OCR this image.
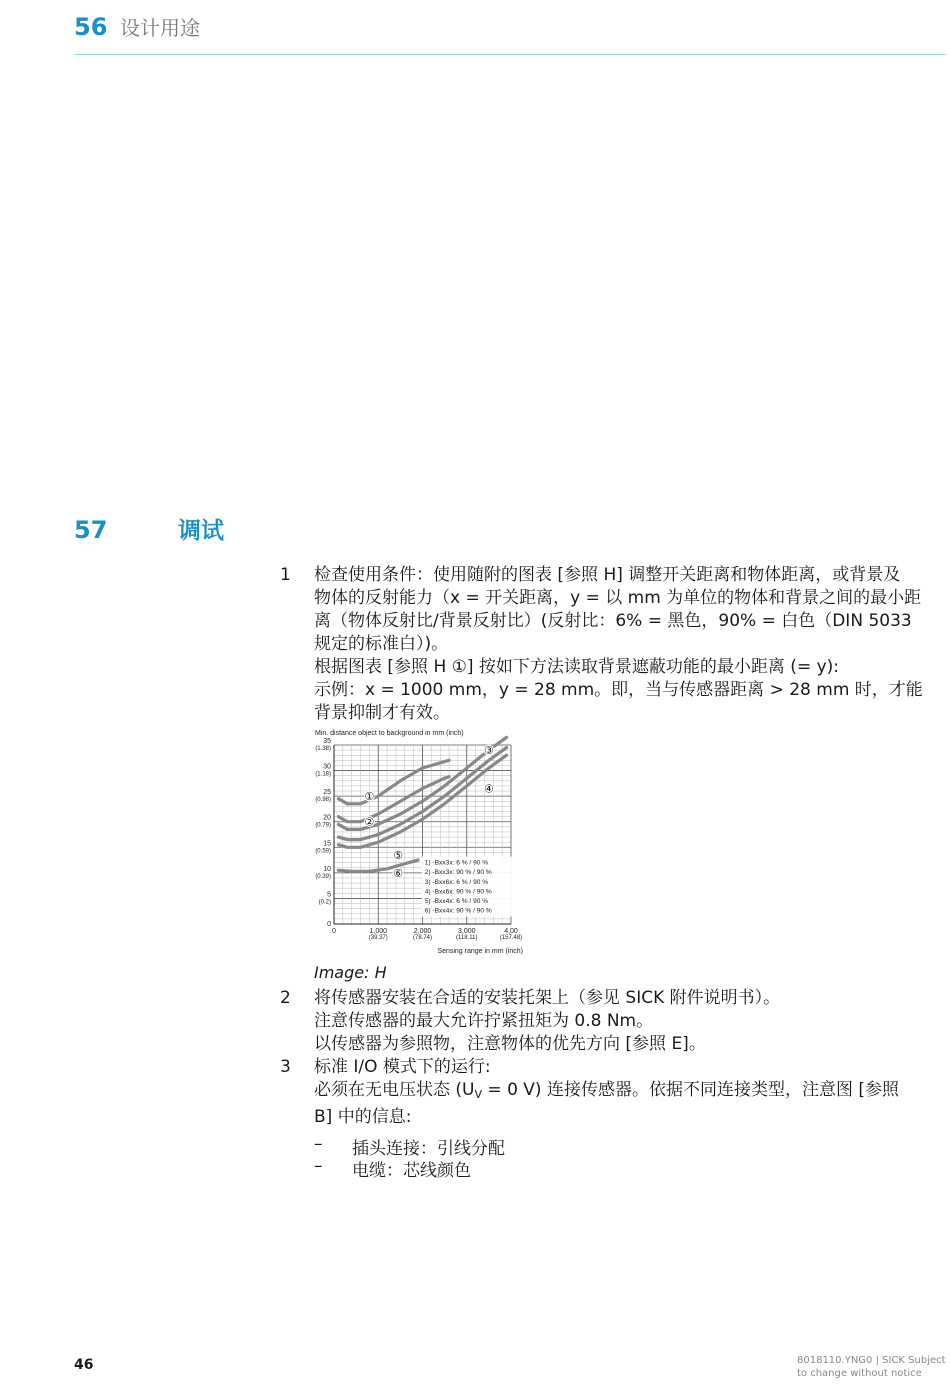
56 设计用途
57	调试
1	检查使用条件：使用随附的图表 [参照 H] 调整开关距离和物体距离，或背景及

物体的反射能力（x = 开关距离，y = 以 mm 为单位的物体和背景之间的最小距

离（物体反射比/背景反射比）(反射比：6% = 黑色，90% = 白色（DIN 5033

规定的标准白）)。

根据图表 [参照 H ①] 按如下方法读取背景遮蔽功能的最小距离 (= y):

示例：x = 1000 mm，y = 28 mm。即，当与传感器距离 > 28 mm 时，才能

背景抑制才有效。

Min. distance object to background in mm (inch)
Sensing range in mm (inch)
0
5
(0.2)
10
(0.39)
15
(0.59)
20
(0.79)
25
(0.98)
30
(1.18)
35
(1.38)
0	1,000
(39.37)
2,000
(78.74)
3,000
(118.11)
4,00
(157.48)
①
②
③
④
⑤
⑥
1) -Bxx3x: 6 % / 90 %
2) -Bxx3x: 90 % / 90 %
3) -Bxx6x: 6 % / 90 %
4) -Bxx6x: 90 % / 90 %
5) -Bxx4x: 6 % / 90 %
6) -Bxx4x: 90 % / 90 %
Image: H
2	将传感器安装在合适的安装托架上（参见 SICK 附件说明书）。

注意传感器的最大允许拧紧扭矩为 0.8 Nm。

以传感器为参照物，注意物体的优先方向 [参照 E]。

3	标准 I/O 模式下的运行:

必须在无电压状态 ($U_V = 0$ V) 连接传感器。依据不同连接类型，注意图 [参照

B] 中的信息:

– 插头连接：引线分配
– 电缆：芯线颜色
46	8018110.YNG0 | SICK Subject
to change without notice
